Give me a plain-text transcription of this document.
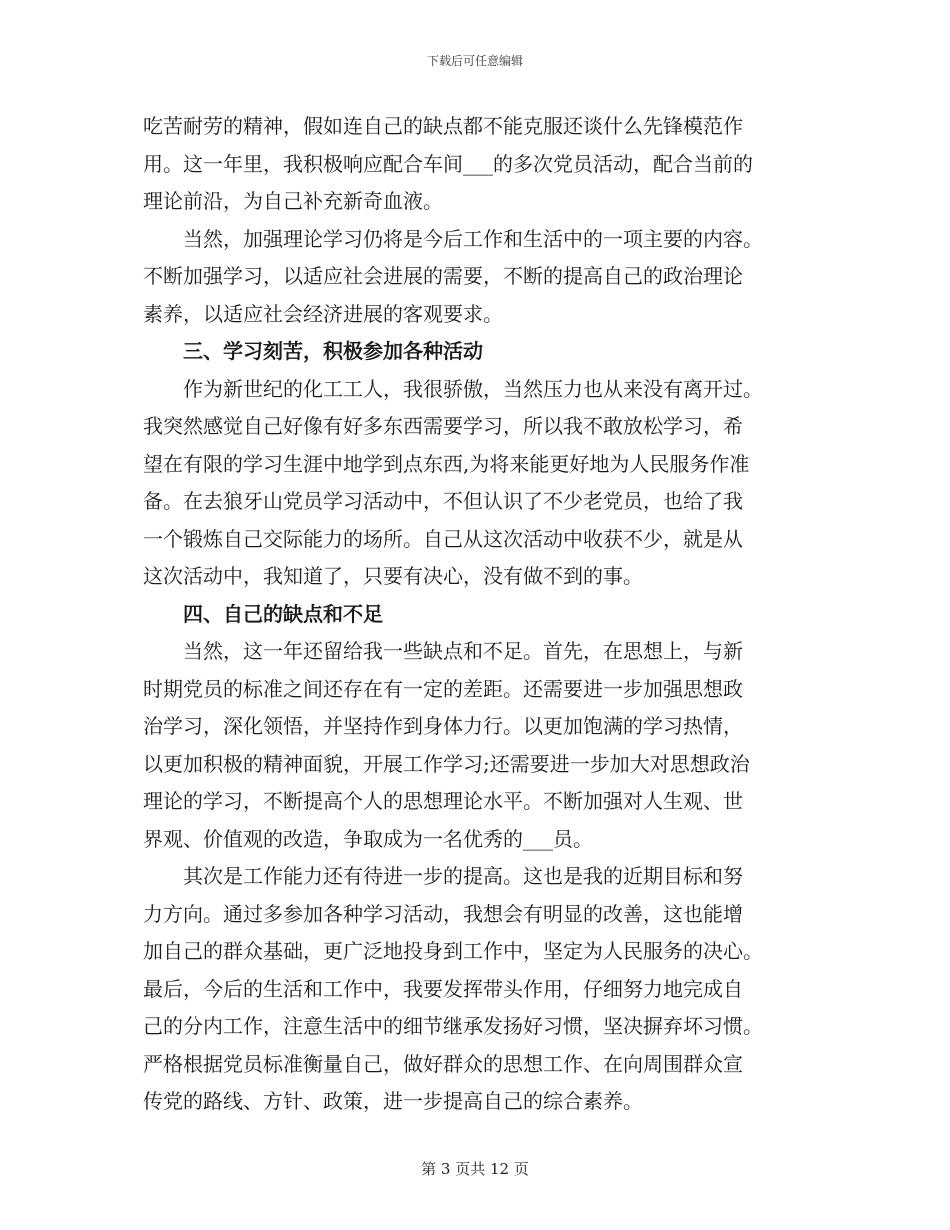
下载后可任意编辑
吃苦耐劳的精神，假如连自己的缺点都不能克服还谈什么先锋模范作
用。这一年里，我积极响应配合车间___的多次党员活动，配合当前的
理论前沿，为自己补充新奇血液。
当然，加强理论学习仍将是今后工作和生活中的一项主要的内容。
不断加强学习，以适应社会进展的需要，不断的提高自己的政治理论
素养，以适应社会经济进展的客观要求。
三、学习刻苦，积极参加各种活动
作为新世纪的化工工人，我很骄傲，当然压力也从来没有离开过。
我突然感觉自己好像有好多东西需要学习，所以我不敢放松学习，希
望在有限的学习生涯中地学到点东西,为将来能更好地为人民服务作准
备。在去狼牙山党员学习活动中，不但认识了不少老党员，也给了我
一个锻炼自己交际能力的场所。自己从这次活动中收获不少，就是从
这次活动中，我知道了，只要有决心，没有做不到的事。
四、自己的缺点和不足
当然，这一年还留给我一些缺点和不足。首先，在思想上，与新
时期党员的标准之间还存在有一定的差距。还需要进一步加强思想政
治学习，深化领悟，并坚持作到身体力行。以更加饱满的学习热情，
以更加积极的精神面貌，开展工作学习;还需要进一步加大对思想政治
理论的学习，不断提高个人的思想理论水平。不断加强对人生观、世
界观、价值观的改造，争取成为一名优秀的___员。
其次是工作能力还有待进一步的提高。这也是我的近期目标和努
力方向。通过多参加各种学习活动，我想会有明显的改善，这也能增
加自己的群众基础，更广泛地投身到工作中，坚定为人民服务的决心。
最后，今后的生活和工作中，我要发挥带头作用，仔细努力地完成自
己的分内工作，注意生活中的细节继承发扬好习惯，坚决摒弃坏习惯。
严格根据党员标准衡量自己，做好群众的思想工作、在向周围群众宣
传党的路线、方针、政策，进一步提高自己的综合素养。
第 3 页共 12 页
